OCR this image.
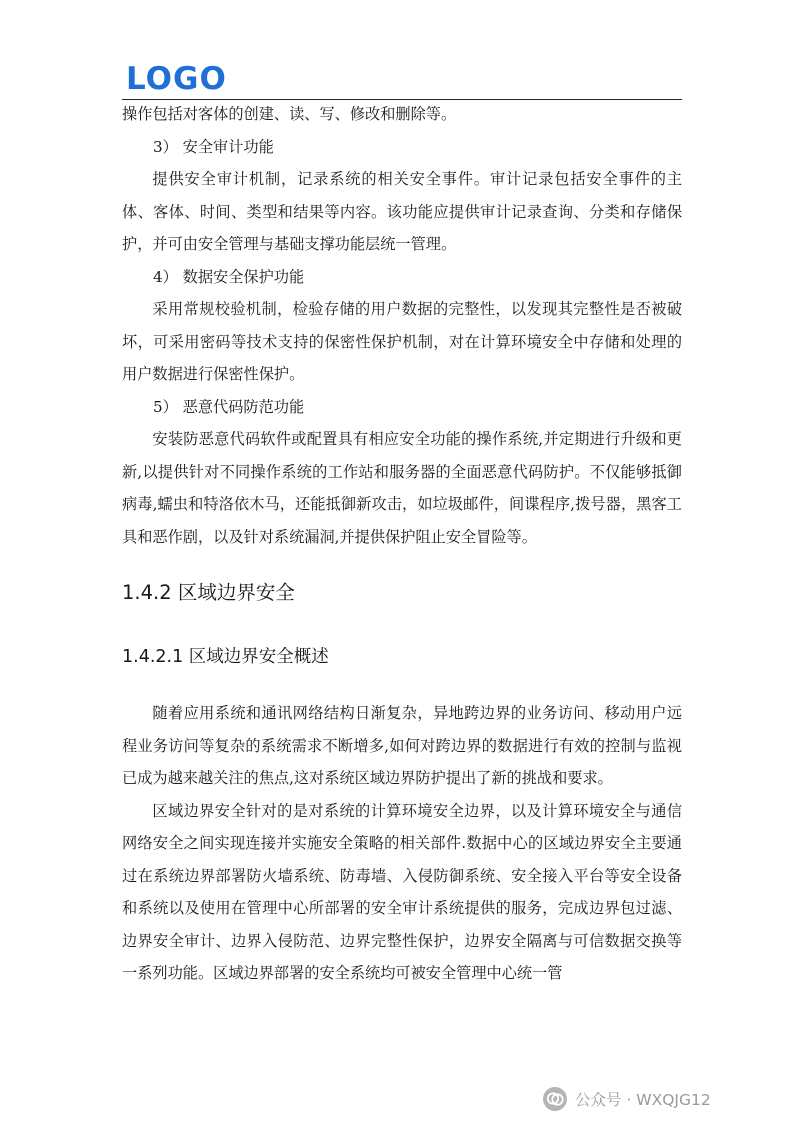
LOGO

操作包括对客体的创建、读、写、修改和删除等。

3） 安全审计功能

提供安全审计机制，记录系统的相关安全事件。审计记录包括安全事件的主体、客体、时间、类型和结果等内容。该功能应提供审计记录查询、分类和存储保护，并可由安全管理与基础支撑功能层统一管理。

4） 数据安全保护功能

采用常规校验机制，检验存储的用户数据的完整性，以发现其完整性是否被破坏，可采用密码等技术支持的保密性保护机制，对在计算环境安全中存储和处理的用户数据进行保密性保护。

5） 恶意代码防范功能

安装防恶意代码软件或配置具有相应安全功能的操作系统,并定期进行升级和更新,以提供针对不同操作系统的工作站和服务器的全面恶意代码防护。不仅能够抵御病毒,蠕虫和特洛依木马，还能抵御新攻击，如垃圾邮件，间谍程序,拨号器，黑客工具和恶作剧，以及针对系统漏洞,并提供保护阻止安全冒险等。

1.4.2 区域边界安全
1.4.2.1 区域边界安全概述

随着应用系统和通讯网络结构日渐复杂，异地跨边界的业务访问、移动用户远程业务访问等复杂的系统需求不断增多,如何对跨边界的数据进行有效的控制与监视已成为越来越关注的焦点,这对系统区域边界防护提出了新的挑战和要求。

区域边界安全针对的是对系统的计算环境安全边界，以及计算环境安全与通信网络安全之间实现连接并实施安全策略的相关部件.数据中心的区域边界安全主要通过在系统边界部署防火墙系统、防毒墙、入侵防御系统、安全接入平台等安全设备和系统以及使用在管理中心所部署的安全审计系统提供的服务，完成边界包过滤、边界安全审计、边界入侵防范、边界完整性保护，边界安全隔离与可信数据交换等一系列功能。区域边界部署的安全系统均可被安全管理中心统一管

公众号 · WXQJG12
